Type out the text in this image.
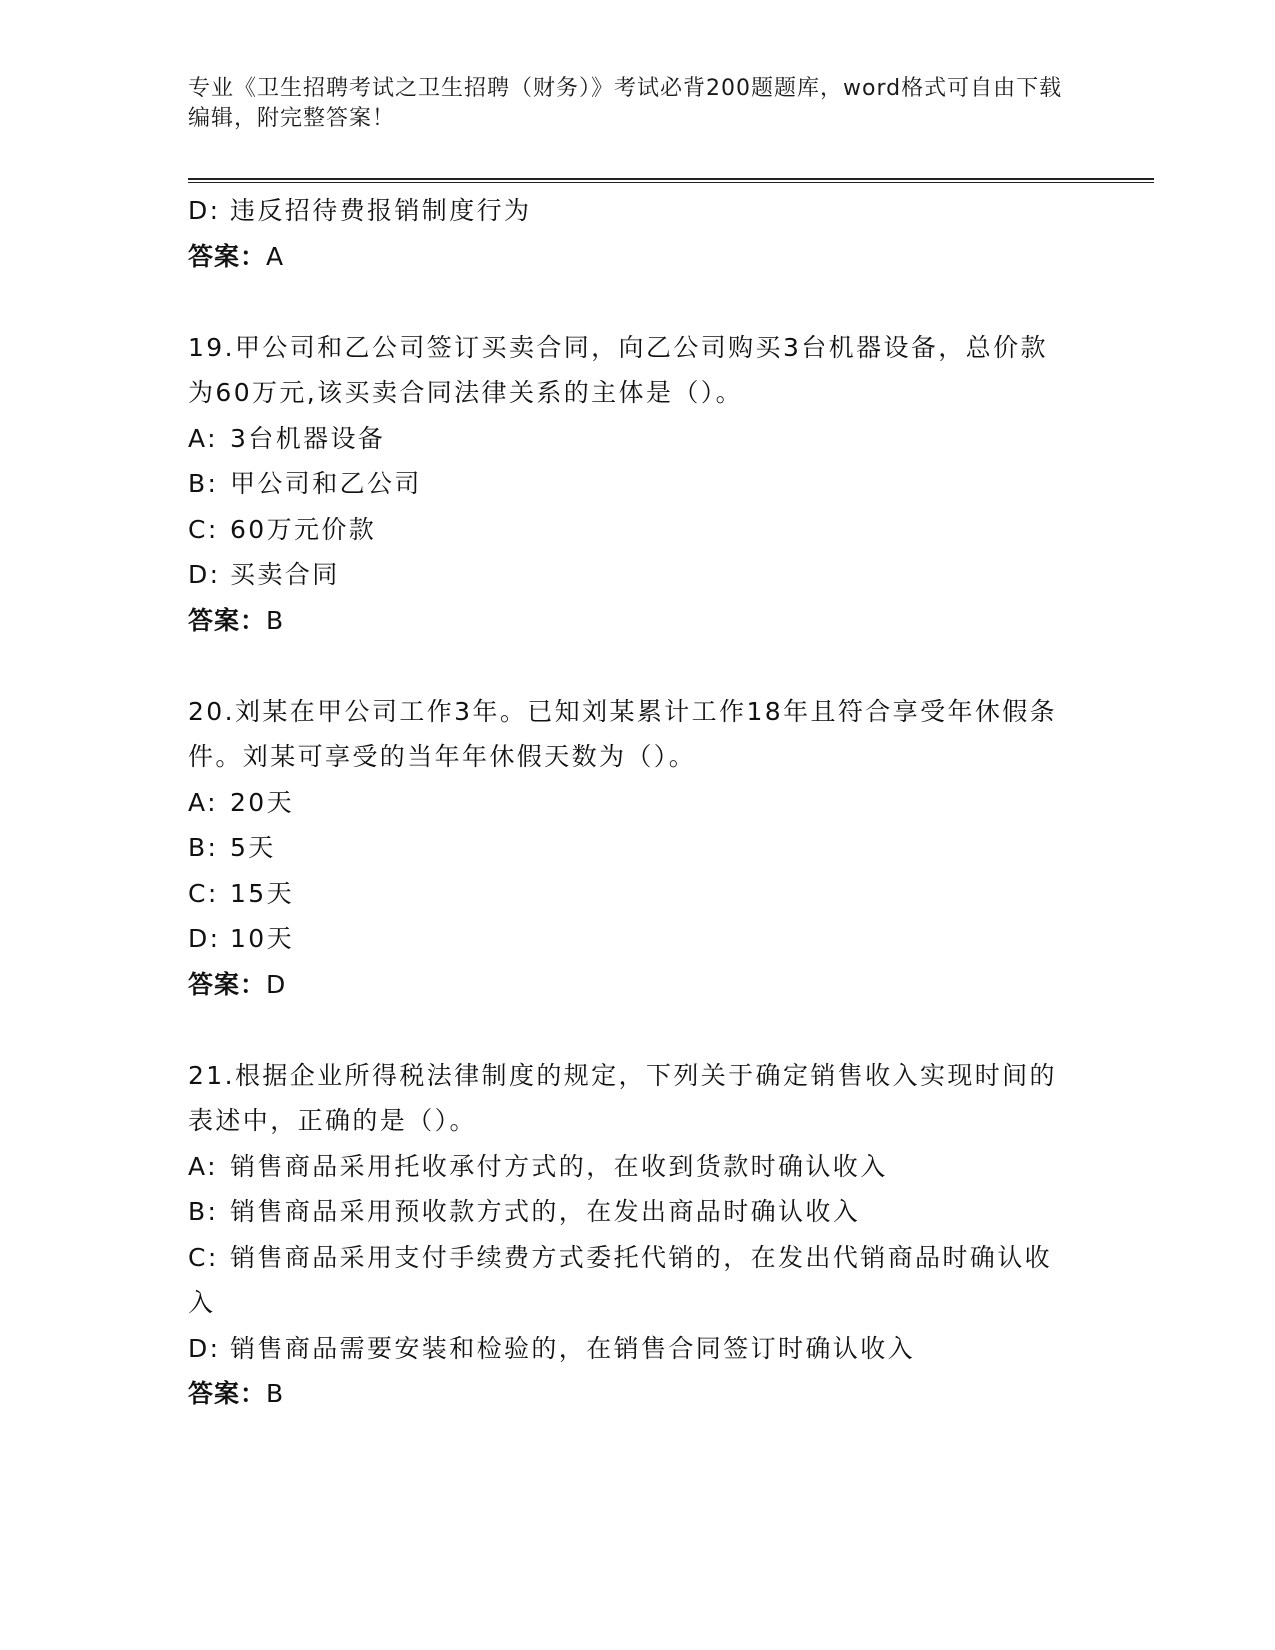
专业《卫生招聘考试之卫生招聘（财务）》考试必背200题题库，word格式可自由下载编辑，附完整答案！
D: 违反招待费报销制度行为
答案：A
19.甲公司和乙公司签订买卖合同，向乙公司购买3台机器设备，总价款为60万元,该买卖合同法律关系的主体是（）。
A: 3台机器设备
B: 甲公司和乙公司
C: 60万元价款
D: 买卖合同
答案：B
20.刘某在甲公司工作3年。已知刘某累计工作18年且符合享受年休假条件。刘某可享受的当年年休假天数为（）。
A: 20天
B: 5天
C: 15天
D: 10天
答案：D
21.根据企业所得税法律制度的规定，下列关于确定销售收入实现时间的表述中，正确的是（）。
A: 销售商品采用托收承付方式的，在收到货款时确认收入
B: 销售商品采用预收款方式的，在发出商品时确认收入
C: 销售商品采用支付手续费方式委托代销的，在发出代销商品时确认收入
D: 销售商品需要安装和检验的，在销售合同签订时确认收入
答案：B
